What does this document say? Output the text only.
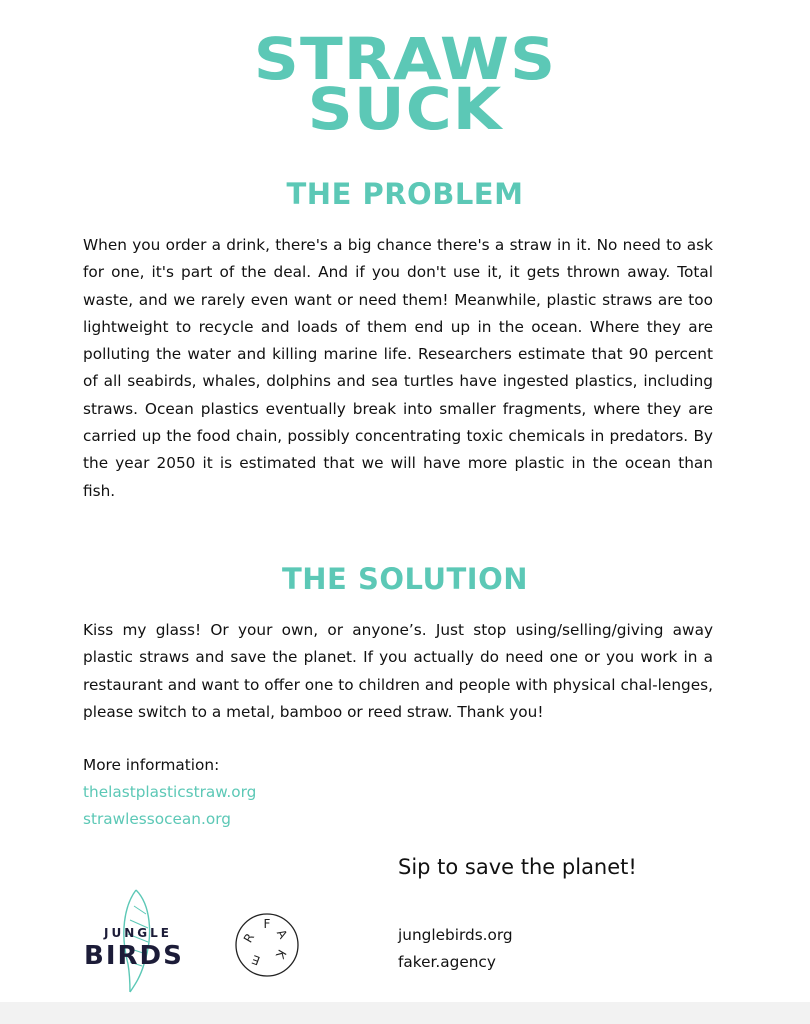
STRAWS
SUCK
THE PROBLEM

When you order a drink, there's a big chance there's a straw in it. No need to ask for one, it's part of the deal. And if you don't use it, it gets thrown away. Total waste, and we rarely even want or need them! Meanwhile, plastic straws are too lightweight to recycle and loads of them end up in the ocean. Where they are polluting the water and killing marine life. Researchers estimate that 90 percent of all seabirds, whales, dolphins and sea turtles have ingested plastics, including straws. Ocean plastics eventually break into smaller fragments, where they are carried up the food chain, possibly concentrating toxic chemicals in predators. By the year 2050 it is estimated that we will have more plastic in the ocean than fish.

THE SOLUTION

Kiss my glass! Or your own, or anyone’s. Just stop using/selling/giving away plastic straws and save the planet. If you actually do need one or you work in a restaurant and want to offer one to children and people with physical chal-lenges, please switch to a metal, bamboo or reed straw. Thank you!

More information:

thelastplasticstraw.org
strawlessocean.org

Sip to save the planet!

junglebirds.org

faker.agency

JUNGLE
BIRDS
F
A
K
E
R
